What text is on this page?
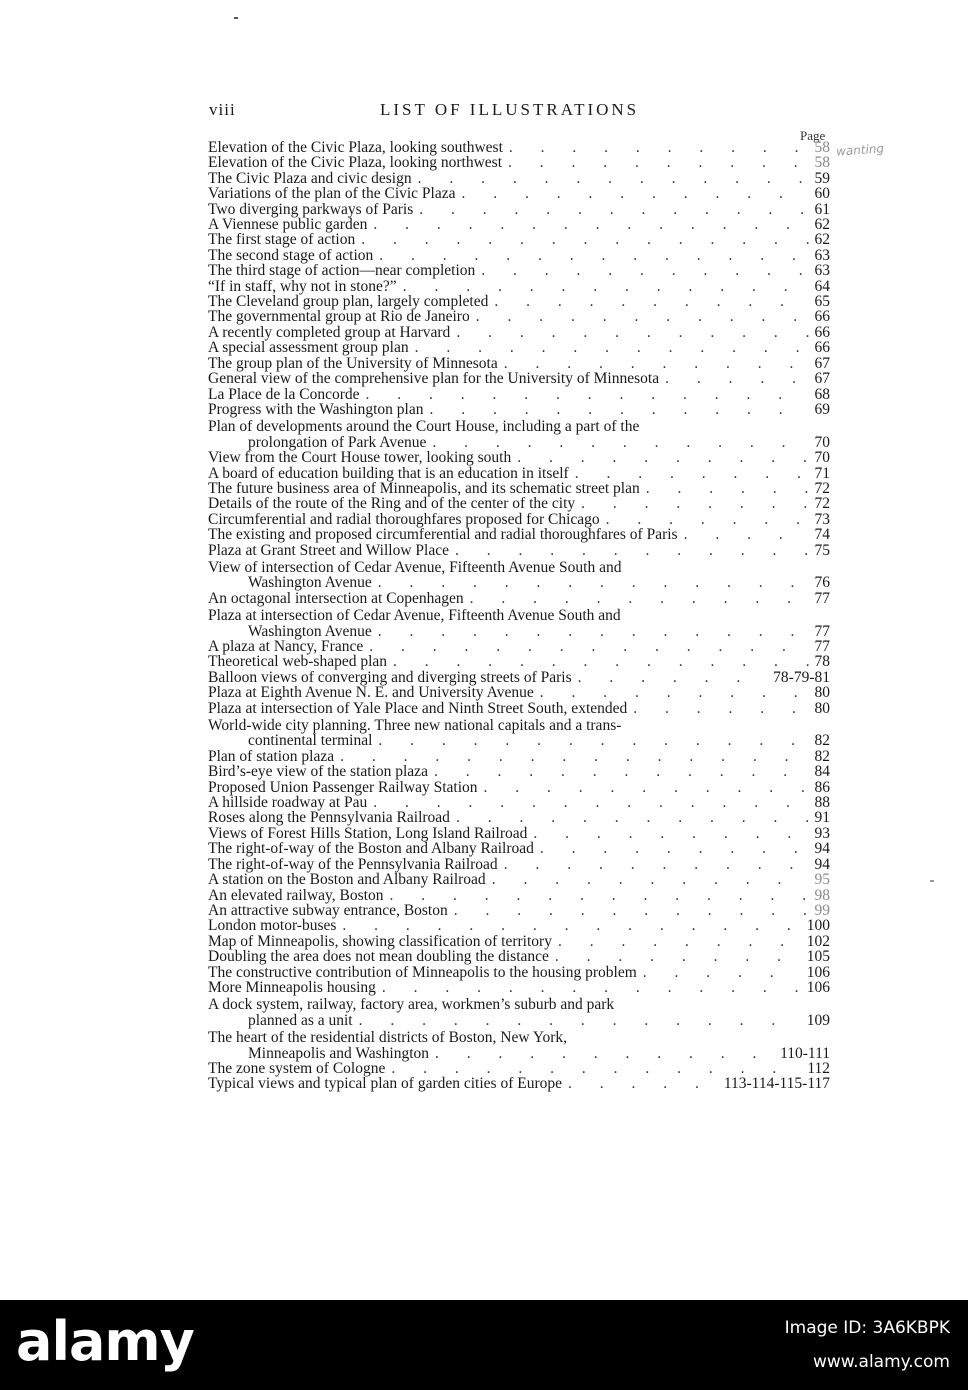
viii	LIST OF ILLUSTRATIONS
Page
wanting
Elevation of the Civic Plaza, looking southwest . . .	58
Elevation of the Civic Plaza, looking northwest . . .	58
The Civic Plaza and civic design . . .	59
Variations of the plan of the Civic Plaza . . .	60
Two diverging parkways of Paris . . .	61
A Viennese public garden . . .	62
The first stage of action . . .	62
The second stage of action . . .	63
The third stage of action—near completion . . .	63
“If in staff, why not in stone?” . . .	64
The Cleveland group plan, largely completed . . .	65
The governmental group at Rio de Janeiro . . .	66
A recently completed group at Harvard . . .	66
A special assessment group plan . . .	66
The group plan of the University of Minnesota . . .	67
General view of the comprehensive plan for the University of Minnesota . . .	67
La Place de la Concorde . . .	68
Progress with the Washington plan . . .	69
Plan of developments around the Court House, including a part of the
prolongation of Park Avenue . . .	70
View from the Court House tower, looking south . . .	70
A board of education building that is an education in itself . . .	71
The future business area of Minneapolis, and its schematic street plan . . .	72
Details of the route of the Ring and of the center of the city . . .	72
Circumferential and radial thoroughfares proposed for Chicago . . .	73
The existing and proposed circumferential and radial thoroughfares of Paris . . .	74
Plaza at Grant Street and Willow Place . . .	75
View of intersection of Cedar Avenue, Fifteenth Avenue South and
Washington Avenue . . .	76
An octagonal intersection at Copenhagen . . .	77
Plaza at intersection of Cedar Avenue, Fifteenth Avenue South and
Washington Avenue . . .	77
A plaza at Nancy, France . . .	77
Theoretical web-shaped plan . . .	78
Balloon views of converging and diverging streets of Paris . . .	78-79-81
Plaza at Eighth Avenue N. E. and University Avenue . . .	80
Plaza at intersection of Yale Place and Ninth Street South, extended . . .	80
World-wide city planning. Three new national capitals and a trans-
continental terminal . . .	82
Plan of station plaza . . .	82
Bird’s-eye view of the station plaza . . .	84
Proposed Union Passenger Railway Station . . .	86
A hillside roadway at Pau . . .	88
Roses along the Pennsylvania Railroad . . .	91
Views of Forest Hills Station, Long Island Railroad . . .	93
The right-of-way of the Boston and Albany Railroad . . .	94
The right-of-way of the Pennsylvania Railroad . . .	94
A station on the Boston and Albany Railroad . . .	95
An elevated railway, Boston . . .	98
An attractive subway entrance, Boston . . .	99
London motor-buses . . .	100
Map of Minneapolis, showing classification of territory . . .	102
Doubling the area does not mean doubling the distance . . .	105
The constructive contribution of Minneapolis to the housing problem . . .	106
More Minneapolis housing . . .	106
A dock system, railway, factory area, workmen’s suburb and park
planned as a unit . . .	109
The heart of the residential districts of Boston, New York,
Minneapolis and Washington . . .	110-111
The zone system of Cologne . . .	112
Typical views and typical plan of garden cities of Europe . . .	113-114-115-117
alamy	Image ID: 3A6KBPK
www.alamy.com
